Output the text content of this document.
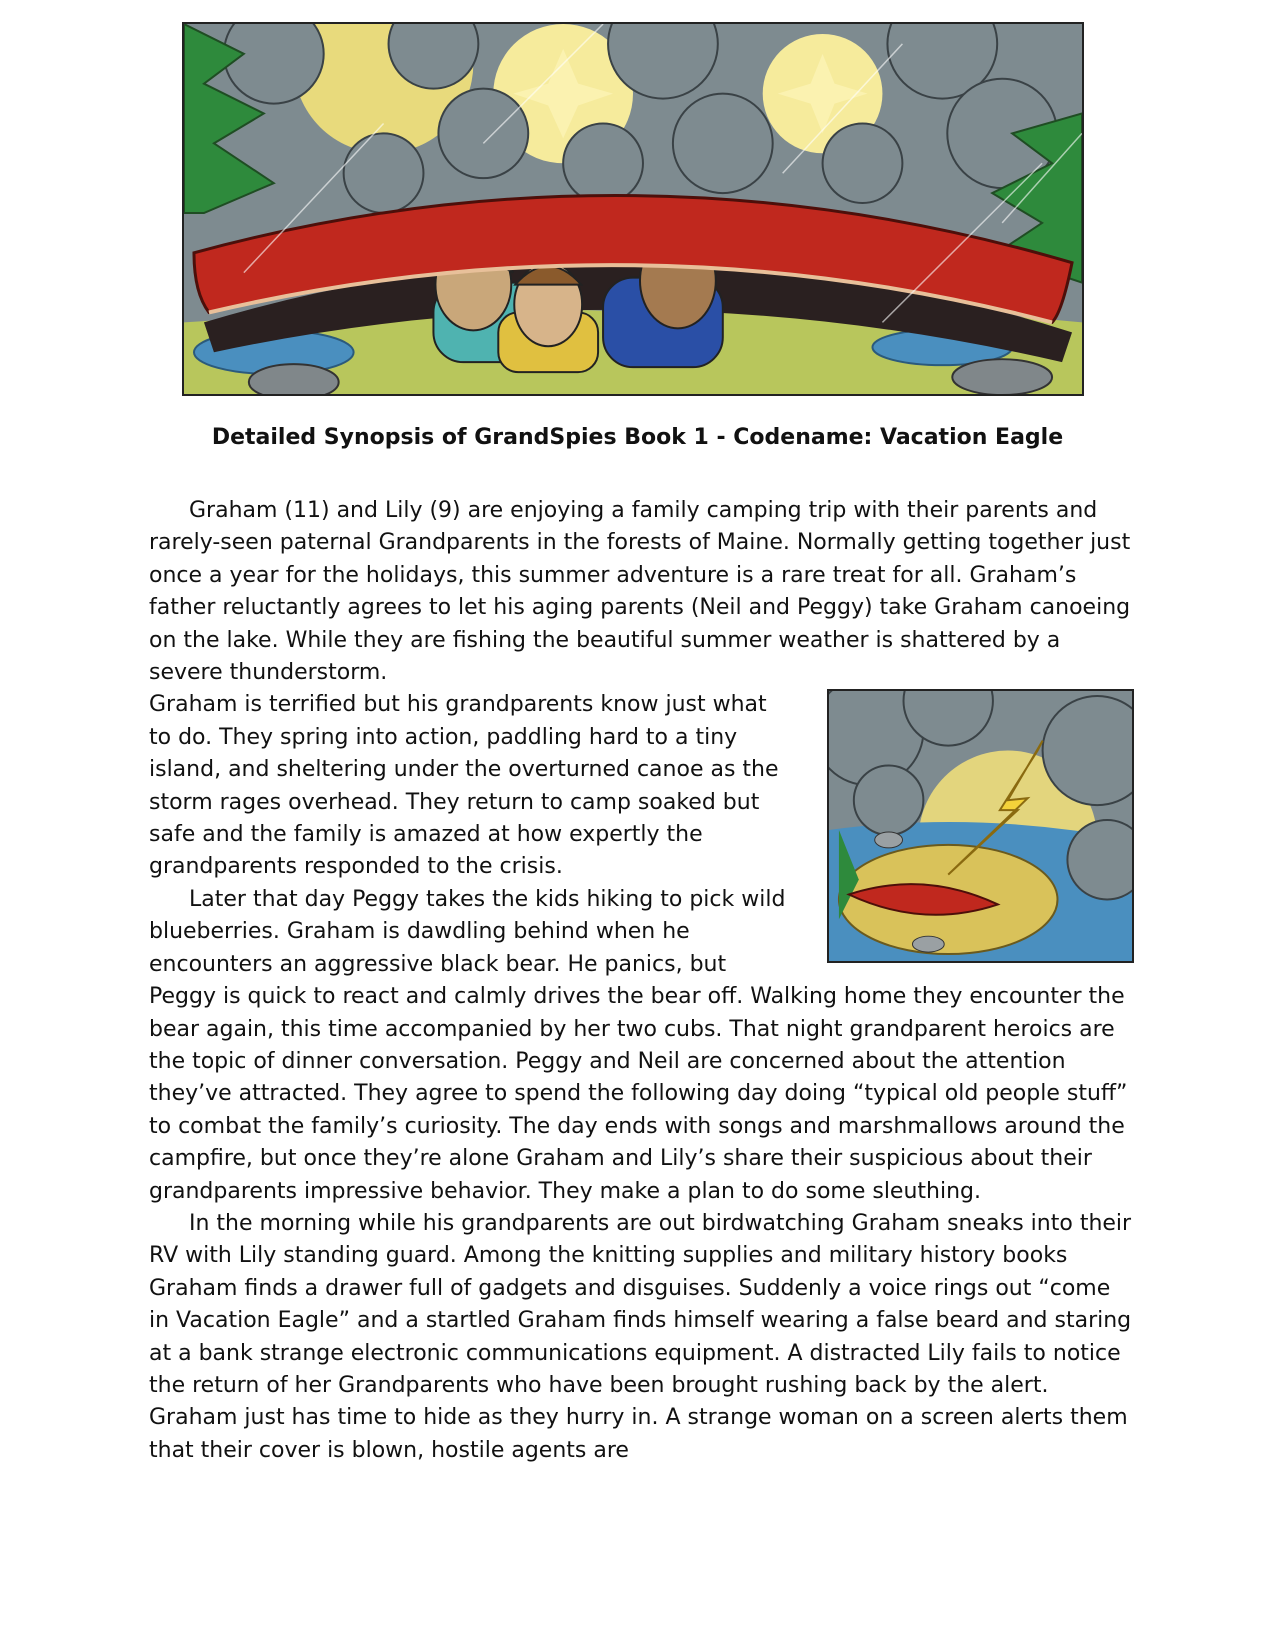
Detailed Synopsis of GrandSpies Book 1 - Codename: Vacation Eagle

Graham (11) and Lily (9) are enjoying a family camping trip with their parents and rarely-seen paternal Grandparents in the forests of Maine. Normally getting together just once a year for the holidays, this summer adventure is a rare treat for all. Graham’s father reluctantly agrees to let his aging parents (Neil and Peggy) take Graham canoeing on the lake. While they are fishing the beautiful summer weather is shattered by a severe thunderstorm.

Graham is terrified but his grandparents know just what to do. They spring into action, paddling hard to a tiny island, and sheltering under the overturned canoe as the storm rages overhead. They return to camp soaked but safe and the family is amazed at how expertly the grandparents responded to the crisis.

Later that day Peggy takes the kids hiking to pick wild blueberries. Graham is dawdling behind when he encounters an aggressive black bear. He panics, but Peggy is quick to react and calmly drives the bear off. Walking home they encounter the bear again, this time accompanied by her two cubs. That night grandparent heroics are the topic of dinner conversation. Peggy and Neil are concerned about the attention they’ve attracted. They agree to spend the following day doing “typical old people stuff” to combat the family’s curiosity. The day ends with songs and marshmallows around the campfire, but once they’re alone Graham and Lily’s share their suspicious about their grandparents impressive behavior. They make a plan to do some sleuthing.

In the morning while his grandparents are out birdwatching Graham sneaks into their RV with Lily standing guard. Among the knitting supplies and military history books Graham finds a drawer full of gadgets and disguises. Suddenly a voice rings out “come in Vacation Eagle” and a startled Graham finds himself wearing a false beard and staring at a bank strange electronic communications equipment. A distracted Lily fails to notice the return of her Grandparents who have been brought rushing back by the alert. Graham just has time to hide as they hurry in. A strange woman on a screen alerts them that their cover is blown, hostile agents are
